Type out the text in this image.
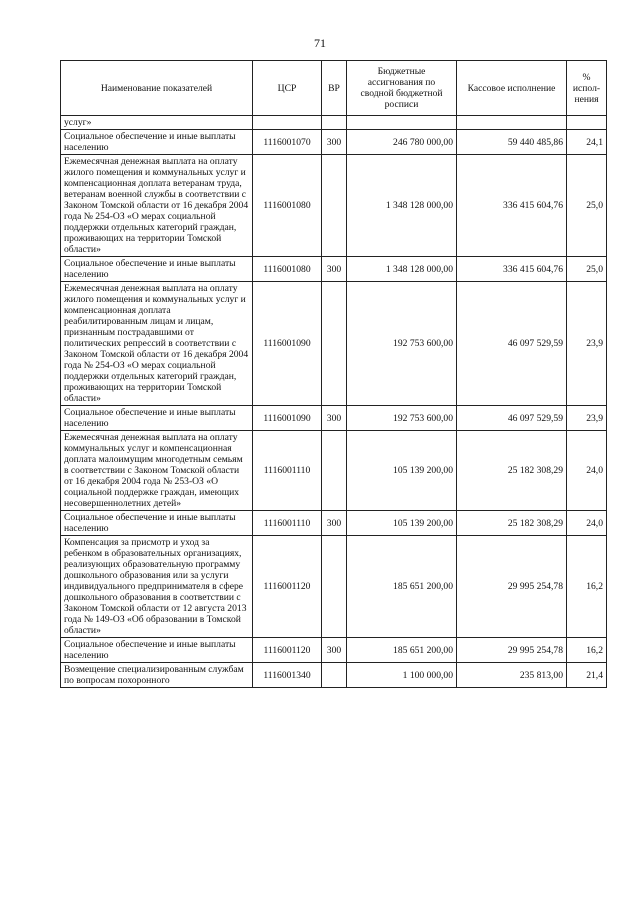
71
Наименование показателей	ЦСР	ВР	Бюджетные ассигнования по сводной бюджетной росписи	Кассовое исполнение	% испол-нения
услуг»					
Социальное обеспечение и иные выплаты населению	1116001070	300	246 780 000,00	59 440 485,86	24,1
Ежемесячная денежная выплата на оплату жилого помещения и коммунальных услуг и компенсационная доплата ветеранам труда, ветеранам военной службы в соответствии с Законом Томской области от 16 декабря 2004 года № 254-ОЗ «О мерах социальной поддержки отдельных категорий граждан, проживающих на территории Томской области»	1116001080		1 348 128 000,00	336 415 604,76	25,0
Социальное обеспечение и иные выплаты населению	1116001080	300	1 348 128 000,00	336 415 604,76	25,0
Ежемесячная денежная выплата на оплату жилого помещения и коммунальных услуг и компенсационная доплата реабилитированным лицам и лицам, признанным пострадавшими от политических репрессий в соответствии с Законом Томской области от 16 декабря 2004 года № 254-ОЗ «О мерах социальной поддержки отдельных категорий граждан, проживающих на территории Томской области»	1116001090		192 753 600,00	46 097 529,59	23,9
Социальное обеспечение и иные выплаты населению	1116001090	300	192 753 600,00	46 097 529,59	23,9
Ежемесячная денежная выплата на оплату коммунальных услуг и компенсационная доплата малоимущим многодетным семьям в соответствии с Законом Томской области от 16 декабря 2004 года № 253-ОЗ «О социальной поддержке граждан, имеющих несовершеннолетних детей»	1116001110		105 139 200,00	25 182 308,29	24,0
Социальное обеспечение и иные выплаты населению	1116001110	300	105 139 200,00	25 182 308,29	24,0
Компенсация за присмотр и уход за ребенком в образовательных организациях, реализующих образовательную программу дошкольного образования или за услуги индивидуального предпринимателя в сфере дошкольного образования в соответствии с Законом Томской области от 12 августа 2013 года № 149-ОЗ «Об образовании в Томской области»	1116001120		185 651 200,00	29 995 254,78	16,2
Социальное обеспечение и иные выплаты населению	1116001120	300	185 651 200,00	29 995 254,78	16,2
Возмещение специализированным службам по вопросам похоронного	1116001340		1 100 000,00	235 813,00	21,4
